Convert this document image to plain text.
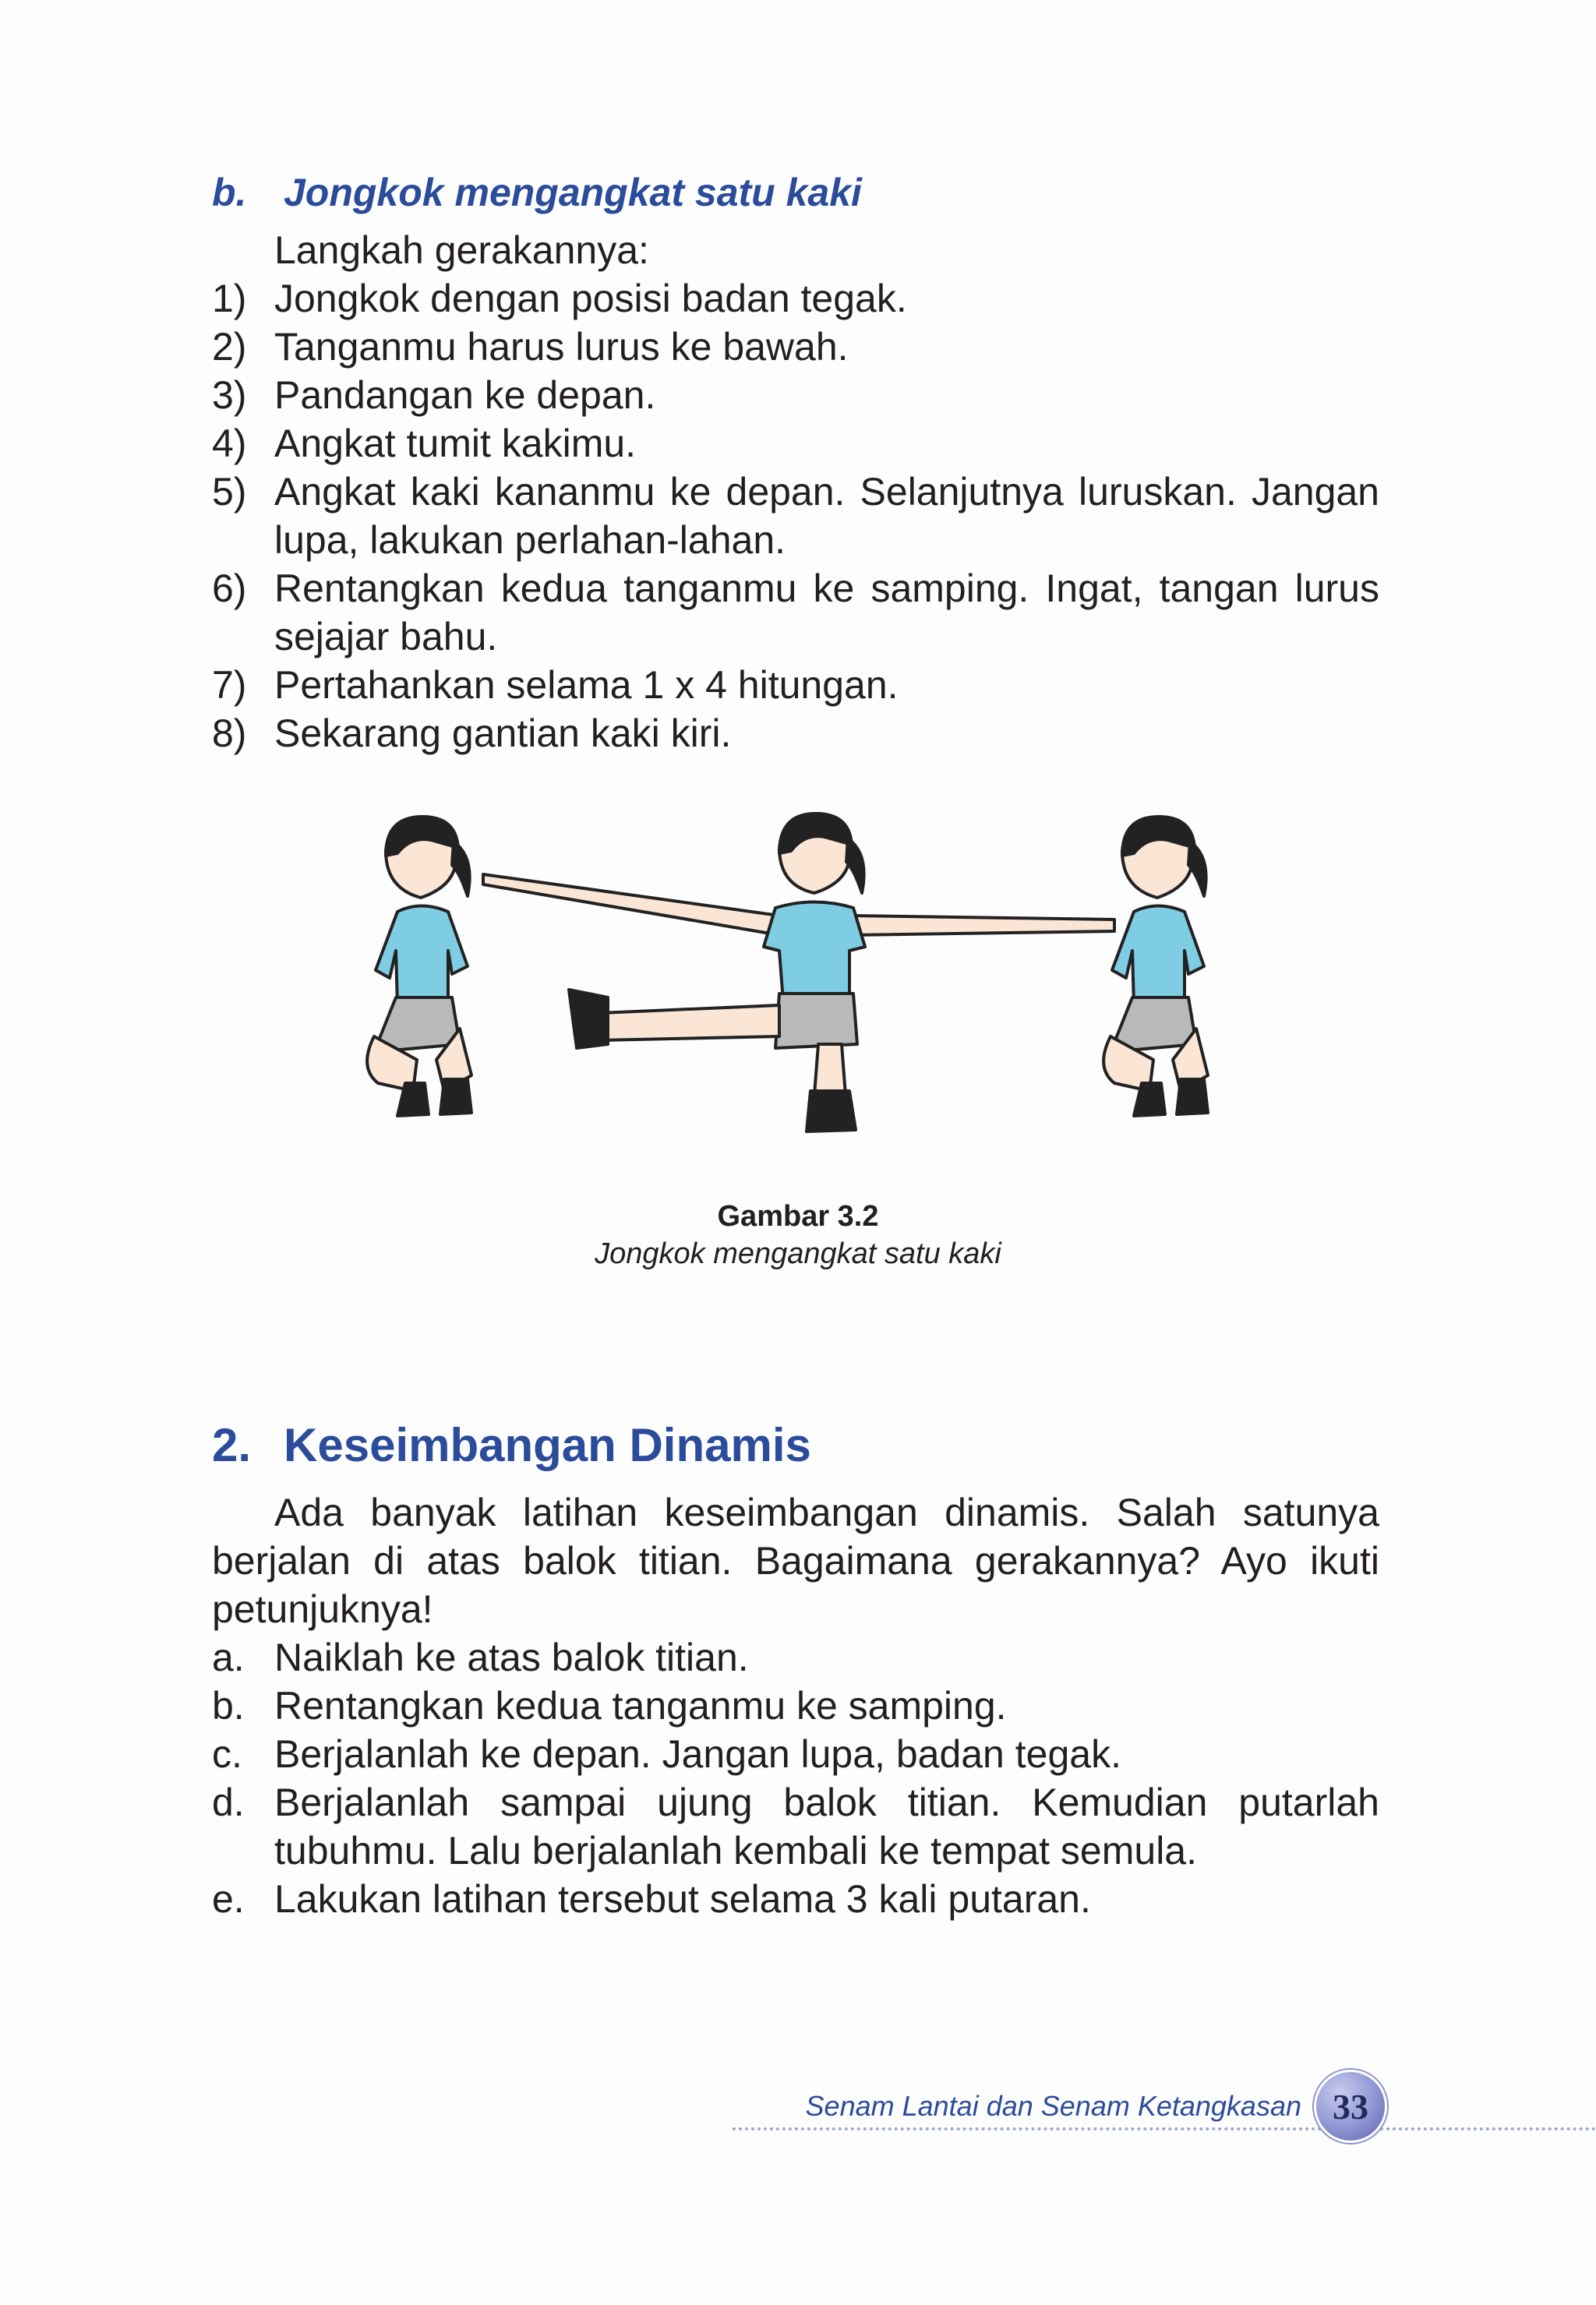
b. Jongkok mengangkat satu kaki
Langkah gerakannya:
1) Jongkok dengan posisi badan tegak.
2) Tanganmu harus lurus ke bawah.
3) Pandangan ke depan.
4) Angkat tumit kakimu.
5) Angkat kaki kananmu ke depan. Selanjutnya luruskan. Jangan lupa, lakukan perlahan-lahan.
6) Rentangkan kedua tanganmu ke samping. Ingat, tangan lurus sejajar bahu.
7) Pertahankan selama 1 x 4 hitungan.
8) Sekarang gantian kaki kiri.
Gambar 3.2
Jongkok mengangkat satu kaki
2. Keseimbangan Dinamis

Ada banyak latihan keseimbangan dinamis. Salah satunya berjalan di atas balok titian. Bagaimana gerakannya? Ayo ikuti petunjuknya!

a. Naiklah ke atas balok titian.
b. Rentangkan kedua tanganmu ke samping.
c. Berjalanlah ke depan. Jangan lupa, badan tegak.
d. Berjalanlah sampai ujung balok titian. Kemudian putarlah tubuhmu. Lalu berjalanlah kembali ke tempat semula.
e. Lakukan latihan tersebut selama 3 kali putaran.
Senam Lantai dan Senam Ketangkasan 33
